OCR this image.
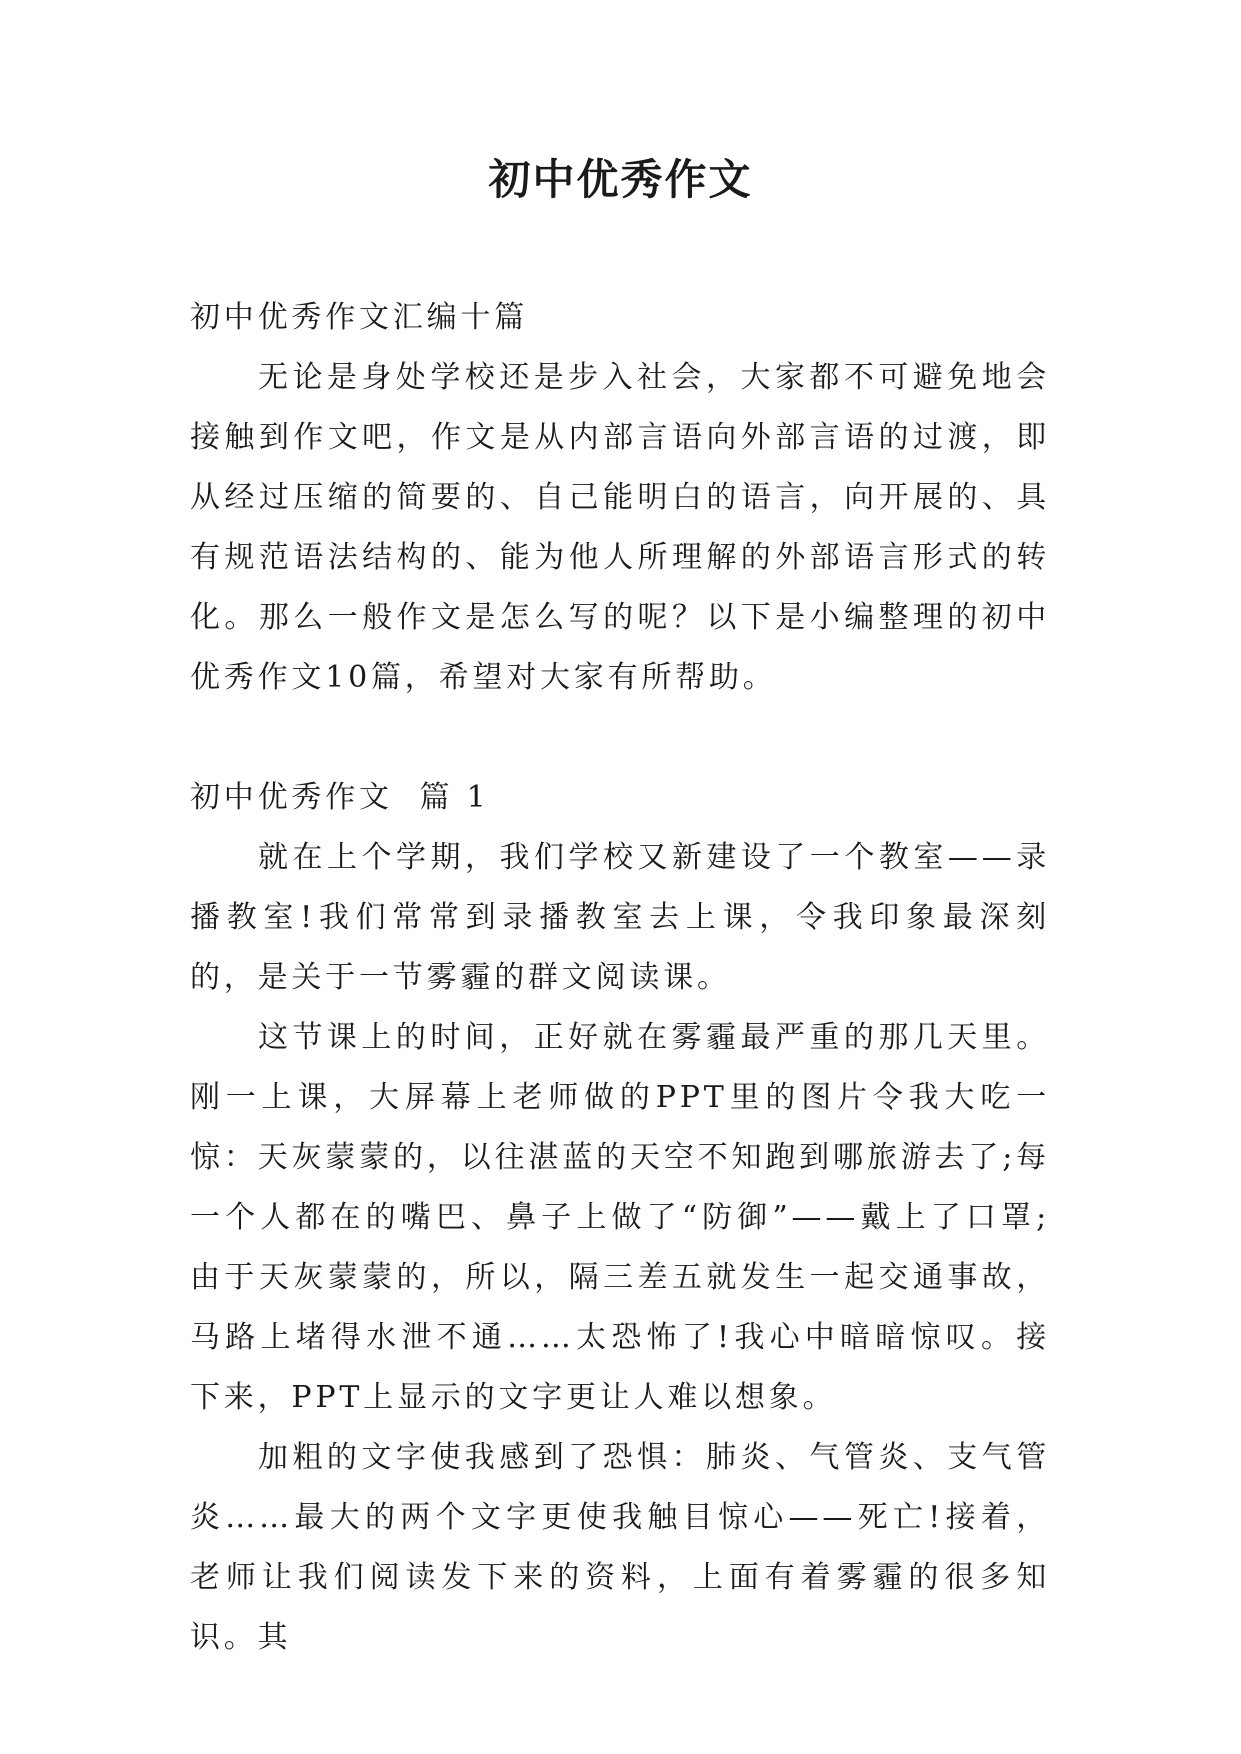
初中优秀作文

初中优秀作文汇编十篇

无论是身处学校还是步入社会，大家都不可避免地会接触到作文吧，作文是从内部言语向外部言语的过渡，即从经过压缩的简要的、自己能明白的语言，向开展的、具有规范语法结构的、能为他人所理解的外部语言形式的转化。那么一般作文是怎么写的呢？以下是小编整理的初中优秀作文10篇，希望对大家有所帮助。

初中优秀作文  篇 1

就在上个学期，我们学校又新建设了一个教室——录播教室!我们常常到录播教室去上课，令我印象最深刻的，是关于一节雾霾的群文阅读课。

这节课上的时间，正好就在雾霾最严重的那几天里。刚一上课，大屏幕上老师做的PPT里的图片令我大吃一惊：天灰蒙蒙的，以往湛蓝的天空不知跑到哪旅游去了;每一个人都在的嘴巴、鼻子上做了“防御”——戴上了口罩;由于天灰蒙蒙的，所以，隔三差五就发生一起交通事故，马路上堵得水泄不通……太恐怖了!我心中暗暗惊叹。接下来，PPT上显示的文字更让人难以想象。

加粗的文字使我感到了恐惧：肺炎、气管炎、支气管炎……最大的两个文字更使我触目惊心——死亡!接着，老师让我们阅读发下来的资料，上面有着雾霾的很多知识。其
